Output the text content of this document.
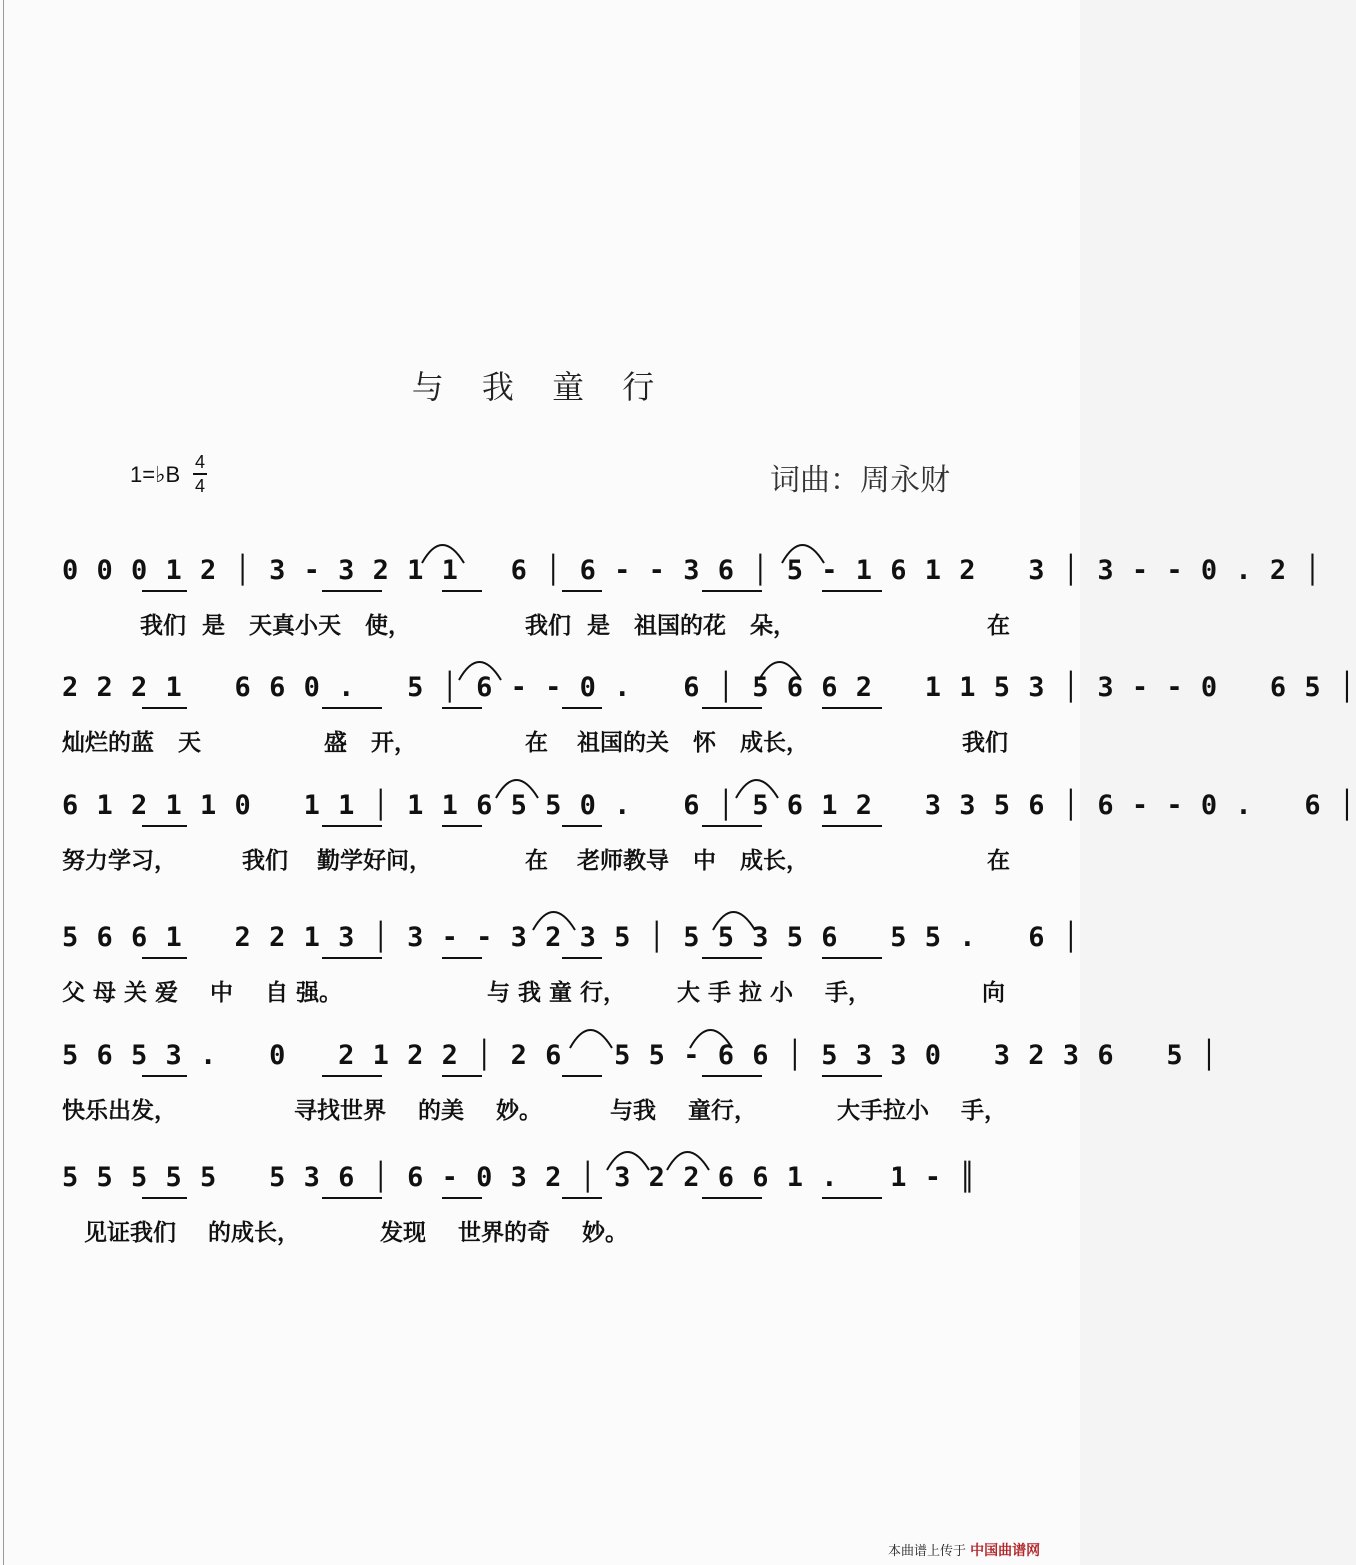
与 我 童 行
1=♭B 4
4	词曲：周永财
0 0 0 1 2 │ 3 - 3 2 1 1   6 │ 6 - - 3 6 │ 5 - 1 6 1 2   3 │ 3 - - 0 . 2 │
我们  是   天真小天   使，	我们  是   祖国的花   朵，	在
2 2 2 1   6 6 0 .   5 │ 6 - - 0 .   6 │ 5 6 6 2   1 1 5 3 │ 3 - - 0   6 5 │
灿烂的蓝   天	盛   开，	在 祖国的关   怀   成长，	我们
6 1 2 1 1 0   1 1 │ 1 1 6 5 5 0 .   6 │ 5 6 1 2   3 3 5 6 │ 6 - - 0 .   6 │
努力学习，	我们 勤学好问，	在 老师教导   中   成长，	在
5 6 6 1   2 2 1 3 │ 3 - - 3 2 3 5 │ 5 5 3 5 6   5 5 .   6 │
父 母 关 爱    中    自 强。	与 我 童 行， 大 手 拉 小    手，	向
5 6 5 3 .   0   2 1 2 2 │ 2 6   5 5 - 6 6 │ 5 3 3 0   3 2 3 6   5 │
快乐出发，	寻找世界    的美    妙。	与我    童行，	大手拉小    手，
5 5 5 5 5   5 3 6 │ 6 - 0 3 2 │ 3 2 2 6 6 1 .   1 - ║
见证我们    的成长，	发现    世界的奇    妙。
本曲谱上传于 中国曲谱网
